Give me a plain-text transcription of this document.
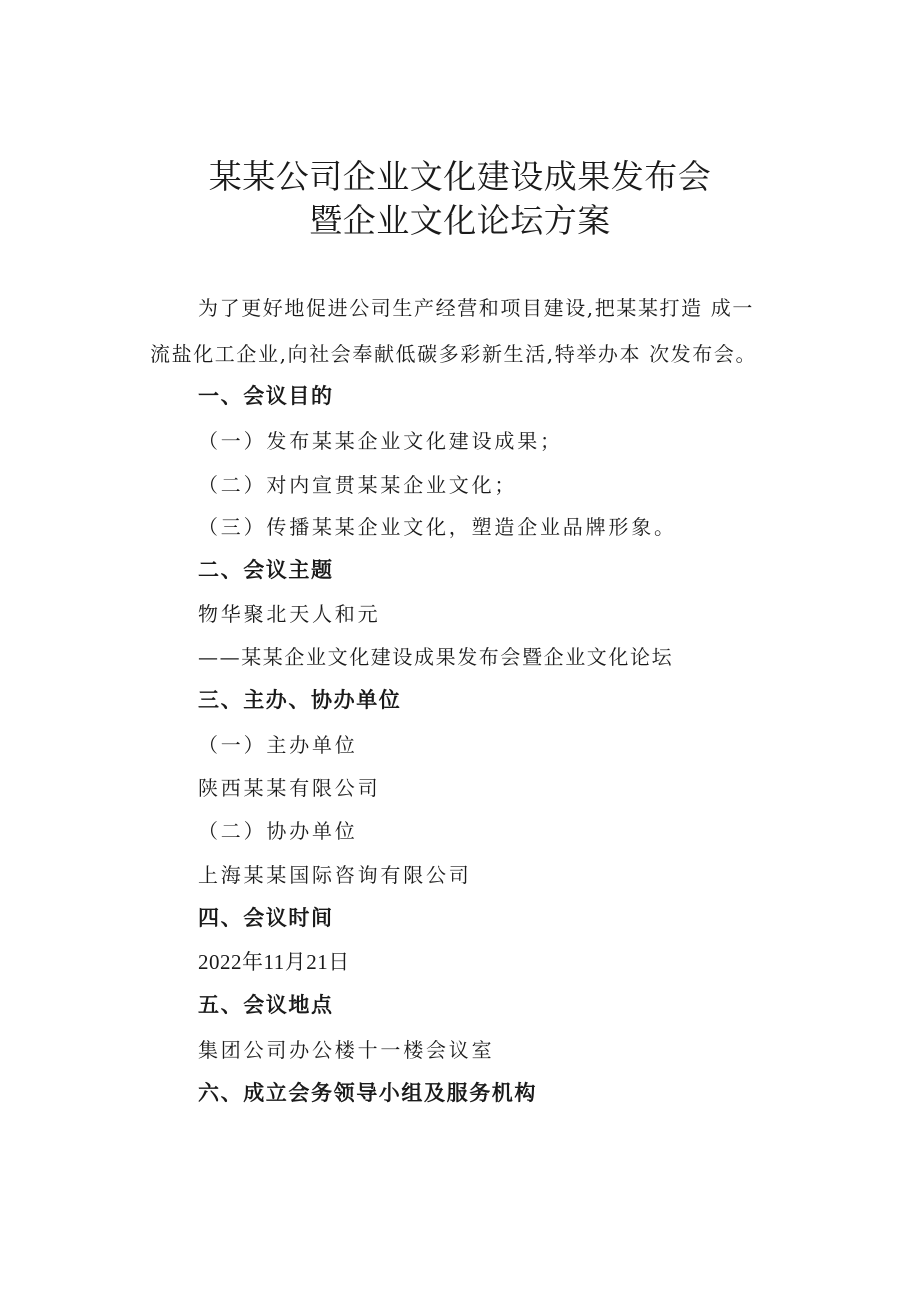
某某公司企业文化建设成果发布会
暨企业文化论坛方案
为了更好地促进公司生产经营和项目建设,把某某打造 成一
流盐化工企业,向社会奉献低碳多彩新生活,特举办本 次发布会。
一、会议目的
（一）发布某某企业文化建设成果；
（二）对内宣贯某某企业文化；
（三）传播某某企业文化，塑造企业品牌形象。
二、会议主题
物华聚北天人和元
——某某企业文化建设成果发布会暨企业文化论坛
三、主办、协办单位
（一）主办单位
陕西某某有限公司
（二）协办单位
上海某某国际咨询有限公司
四、会议时间
2022年11月21日
五、会议地点
集团公司办公楼十一楼会议室
六、成立会务领导小组及服务机构
